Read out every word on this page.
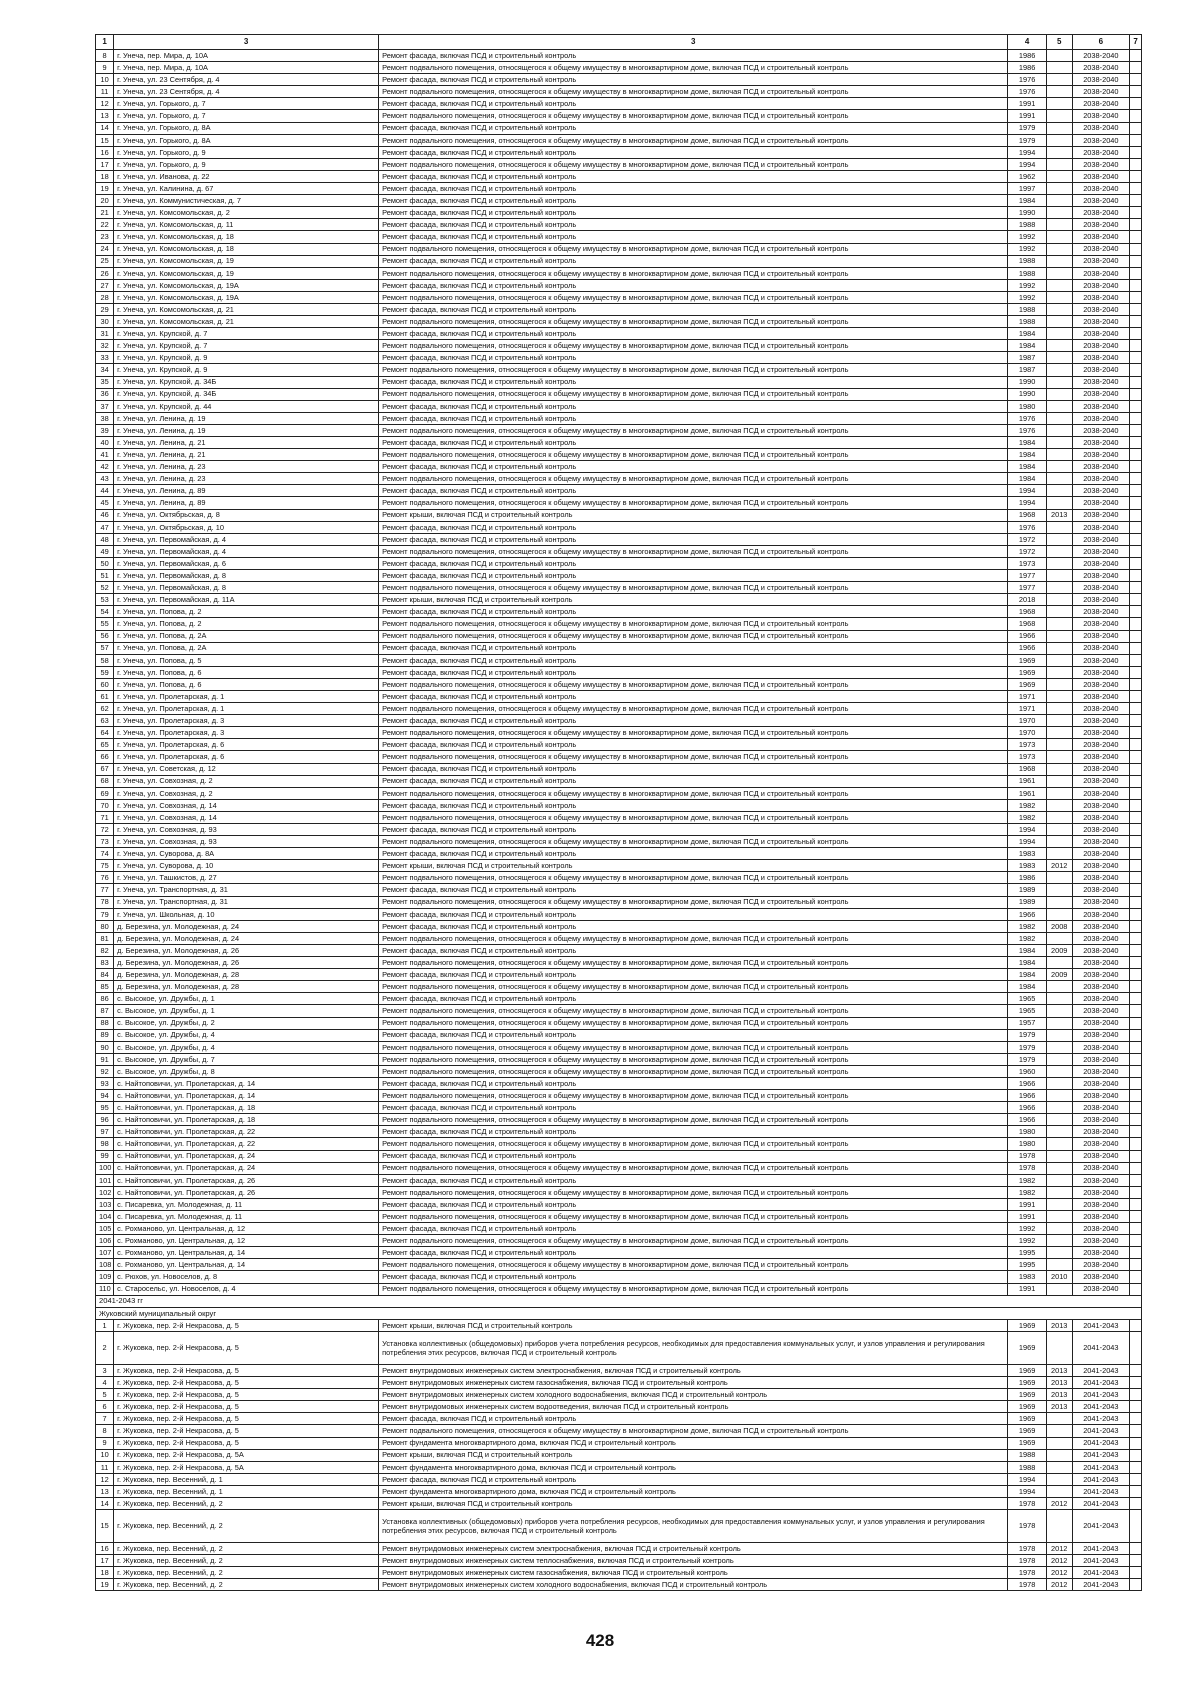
1	3	3	4	5	6	7
8	г. Унеча, пер. Мира, д. 10А	Ремонт фасада, включая ПСД и строительный контроль	1986		2038-2040	
9	г. Унеча, пер. Мира, д. 10А	Ремонт подвального помещения, относящегося к общему имуществу в многоквартирном доме, включая ПСД и строительный контроль	1986		2038-2040	
10	г. Унеча, ул. 23 Сентября, д. 4	Ремонт фасада, включая ПСД и строительный контроль	1976		2038-2040	
11	г. Унеча, ул. 23 Сентября, д. 4	Ремонт подвального помещения, относящегося к общему имуществу в многоквартирном доме, включая ПСД и строительный контроль	1976		2038-2040	
12	г. Унеча, ул. Горького, д. 7	Ремонт фасада, включая ПСД и строительный контроль	1991		2038-2040	
13	г. Унеча, ул. Горького, д. 7	Ремонт подвального помещения, относящегося к общему имуществу в многоквартирном доме, включая ПСД и строительный контроль	1991		2038-2040	
14	г. Унеча, ул. Горького, д. 8А	Ремонт фасада, включая ПСД и строительный контроль	1979		2038-2040	
15	г. Унеча, ул. Горького, д. 8А	Ремонт подвального помещения, относящегося к общему имуществу в многоквартирном доме, включая ПСД и строительный контроль	1979		2038-2040	
16	г. Унеча, ул. Горького, д. 9	Ремонт фасада, включая ПСД и строительный контроль	1994		2038-2040	
17	г. Унеча, ул. Горького, д. 9	Ремонт подвального помещения, относящегося к общему имуществу в многоквартирном доме, включая ПСД и строительный контроль	1994		2038-2040	
18	г. Унеча, ул. Иванова, д. 22	Ремонт фасада, включая ПСД и строительный контроль	1962		2038-2040	
19	г. Унеча, ул. Калинина, д. 67	Ремонт фасада, включая ПСД и строительный контроль	1997		2038-2040	
20	г. Унеча, ул. Коммунистическая, д. 7	Ремонт фасада, включая ПСД и строительный контроль	1984		2038-2040	
21	г. Унеча, ул. Комсомольская, д. 2	Ремонт фасада, включая ПСД и строительный контроль	1990		2038-2040	
22	г. Унеча, ул. Комсомольская, д. 11	Ремонт фасада, включая ПСД и строительный контроль	1988		2038-2040	
23	г. Унеча, ул. Комсомольская, д. 18	Ремонт фасада, включая ПСД и строительный контроль	1992		2038-2040	
24	г. Унеча, ул. Комсомольская, д. 18	Ремонт подвального помещения, относящегося к общему имуществу в многоквартирном доме, включая ПСД и строительный контроль	1992		2038-2040	
25	г. Унеча, ул. Комсомольская, д. 19	Ремонт фасада, включая ПСД и строительный контроль	1988		2038-2040	
26	г. Унеча, ул. Комсомольская, д. 19	Ремонт подвального помещения, относящегося к общему имуществу в многоквартирном доме, включая ПСД и строительный контроль	1988		2038-2040	
27	г. Унеча, ул. Комсомольская, д. 19А	Ремонт фасада, включая ПСД и строительный контроль	1992		2038-2040	
28	г. Унеча, ул. Комсомольская, д. 19А	Ремонт подвального помещения, относящегося к общему имуществу в многоквартирном доме, включая ПСД и строительный контроль	1992		2038-2040	
29	г. Унеча, ул. Комсомольская, д. 21	Ремонт фасада, включая ПСД и строительный контроль	1988		2038-2040	
30	г. Унеча, ул. Комсомольская, д. 21	Ремонт подвального помещения, относящегося к общему имуществу в многоквартирном доме, включая ПСД и строительный контроль	1988		2038-2040	
31	г. Унеча, ул. Крупской, д. 7	Ремонт фасада, включая ПСД и строительный контроль	1984		2038-2040	
32	г. Унеча, ул. Крупской, д. 7	Ремонт подвального помещения, относящегося к общему имуществу в многоквартирном доме, включая ПСД и строительный контроль	1984		2038-2040	
33	г. Унеча, ул. Крупской, д. 9	Ремонт фасада, включая ПСД и строительный контроль	1987		2038-2040	
34	г. Унеча, ул. Крупской, д. 9	Ремонт подвального помещения, относящегося к общему имуществу в многоквартирном доме, включая ПСД и строительный контроль	1987		2038-2040	
35	г. Унеча, ул. Крупской, д. 34Б	Ремонт фасада, включая ПСД и строительный контроль	1990		2038-2040	
36	г. Унеча, ул. Крупской, д. 34Б	Ремонт подвального помещения, относящегося к общему имуществу в многоквартирном доме, включая ПСД и строительный контроль	1990		2038-2040	
37	г. Унеча, ул. Крупской, д. 44	Ремонт фасада, включая ПСД и строительный контроль	1980		2038-2040	
38	г. Унеча, ул. Ленина, д. 19	Ремонт фасада, включая ПСД и строительный контроль	1976		2038-2040	
39	г. Унеча, ул. Ленина, д. 19	Ремонт подвального помещения, относящегося к общему имуществу в многоквартирном доме, включая ПСД и строительный контроль	1976		2038-2040	
40	г. Унеча, ул. Ленина, д. 21	Ремонт фасада, включая ПСД и строительный контроль	1984		2038-2040	
41	г. Унеча, ул. Ленина, д. 21	Ремонт подвального помещения, относящегося к общему имуществу в многоквартирном доме, включая ПСД и строительный контроль	1984		2038-2040	
42	г. Унеча, ул. Ленина, д. 23	Ремонт фасада, включая ПСД и строительный контроль	1984		2038-2040	
43	г. Унеча, ул. Ленина, д. 23	Ремонт подвального помещения, относящегося к общему имуществу в многоквартирном доме, включая ПСД и строительный контроль	1984		2038-2040	
44	г. Унеча, ул. Ленина, д. 89	Ремонт фасада, включая ПСД и строительный контроль	1994		2038-2040	
45	г. Унеча, ул. Ленина, д. 89	Ремонт подвального помещения, относящегося к общему имуществу в многоквартирном доме, включая ПСД и строительный контроль	1994		2038-2040	
46	г. Унеча, ул. Октябрьская, д. 8	Ремонт крыши, включая ПСД и строительный контроль	1968	2013	2038-2040	
47	г. Унеча, ул. Октябрьская, д. 10	Ремонт фасада, включая ПСД и строительный контроль	1976		2038-2040	
48	г. Унеча, ул. Первомайская, д. 4	Ремонт фасада, включая ПСД и строительный контроль	1972		2038-2040	
49	г. Унеча, ул. Первомайская, д. 4	Ремонт подвального помещения, относящегося к общему имуществу в многоквартирном доме, включая ПСД и строительный контроль	1972		2038-2040	
50	г. Унеча, ул. Первомайская, д. 6	Ремонт фасада, включая ПСД и строительный контроль	1973		2038-2040	
51	г. Унеча, ул. Первомайская, д. 8	Ремонт фасада, включая ПСД и строительный контроль	1977		2038-2040	
52	г. Унеча, ул. Первомайская, д. 8	Ремонт подвального помещения, относящегося к общему имуществу в многоквартирном доме, включая ПСД и строительный контроль	1977		2038-2040	
53	г. Унеча, ул. Первомайская, д. 11А	Ремонт крыши, включая ПСД и строительный контроль	2018		2038-2040	
54	г. Унеча, ул. Попова, д. 2	Ремонт фасада, включая ПСД и строительный контроль	1968		2038-2040	
55	г. Унеча, ул. Попова, д. 2	Ремонт подвального помещения, относящегося к общему имуществу в многоквартирном доме, включая ПСД и строительный контроль	1968		2038-2040	
56	г. Унеча, ул. Попова, д. 2А	Ремонт подвального помещения, относящегося к общему имуществу в многоквартирном доме, включая ПСД и строительный контроль	1966		2038-2040	
57	г. Унеча, ул. Попова, д. 2А	Ремонт фасада, включая ПСД и строительный контроль	1966		2038-2040	
58	г. Унеча, ул. Попова, д. 5	Ремонт фасада, включая ПСД и строительный контроль	1969		2038-2040	
59	г. Унеча, ул. Попова, д. 6	Ремонт фасада, включая ПСД и строительный контроль	1969		2038-2040	
60	г. Унеча, ул. Попова, д. 6	Ремонт подвального помещения, относящегося к общему имуществу в многоквартирном доме, включая ПСД и строительный контроль	1969		2038-2040	
61	г. Унеча, ул. Пролетарская, д. 1	Ремонт фасада, включая ПСД и строительный контроль	1971		2038-2040	
62	г. Унеча, ул. Пролетарская, д. 1	Ремонт подвального помещения, относящегося к общему имуществу в многоквартирном доме, включая ПСД и строительный контроль	1971		2038-2040	
63	г. Унеча, ул. Пролетарская, д. 3	Ремонт фасада, включая ПСД и строительный контроль	1970		2038-2040	
64	г. Унеча, ул. Пролетарская, д. 3	Ремонт подвального помещения, относящегося к общему имуществу в многоквартирном доме, включая ПСД и строительный контроль	1970		2038-2040	
65	г. Унеча, ул. Пролетарская, д. 6	Ремонт фасада, включая ПСД и строительный контроль	1973		2038-2040	
66	г. Унеча, ул. Пролетарская, д. 6	Ремонт подвального помещения, относящегося к общему имуществу в многоквартирном доме, включая ПСД и строительный контроль	1973		2038-2040	
67	г. Унеча, ул. Советская, д. 12	Ремонт фасада, включая ПСД и строительный контроль	1968		2038-2040	
68	г. Унеча, ул. Совхозная, д. 2	Ремонт фасада, включая ПСД и строительный контроль	1961		2038-2040	
69	г. Унеча, ул. Совхозная, д. 2	Ремонт подвального помещения, относящегося к общему имуществу в многоквартирном доме, включая ПСД и строительный контроль	1961		2038-2040	
70	г. Унеча, ул. Совхозная, д. 14	Ремонт фасада, включая ПСД и строительный контроль	1982		2038-2040	
71	г. Унеча, ул. Совхозная, д. 14	Ремонт подвального помещения, относящегося к общему имуществу в многоквартирном доме, включая ПСД и строительный контроль	1982		2038-2040	
72	г. Унеча, ул. Совхозная, д. 93	Ремонт фасада, включая ПСД и строительный контроль	1994		2038-2040	
73	г. Унеча, ул. Совхозная, д. 93	Ремонт подвального помещения, относящегося к общему имуществу в многоквартирном доме, включая ПСД и строительный контроль	1994		2038-2040	
74	г. Унеча, ул. Суворова, д. 8А	Ремонт фасада, включая ПСД и строительный контроль	1983		2038-2040	
75	г. Унеча, ул. Суворова, д. 10	Ремонт крыши, включая ПСД и строительный контроль	1983	2012	2038-2040	
76	г. Унеча, ул. Ташкистов, д. 27	Ремонт подвального помещения, относящегося к общему имуществу в многоквартирном доме, включая ПСД и строительный контроль	1986		2038-2040	
77	г. Унеча, ул. Транспортная, д. 31	Ремонт фасада, включая ПСД и строительный контроль	1989		2038-2040	
78	г. Унеча, ул. Транспортная, д. 31	Ремонт подвального помещения, относящегося к общему имуществу в многоквартирном доме, включая ПСД и строительный контроль	1989		2038-2040	
79	г. Унеча, ул. Школьная, д. 10	Ремонт фасада, включая ПСД и строительный контроль	1966		2038-2040	
80	д. Березина, ул. Молодежная, д. 24	Ремонт фасада, включая ПСД и строительный контроль	1982	2008	2038-2040	
81	д. Березина, ул. Молодежная, д. 24	Ремонт подвального помещения, относящегося к общему имуществу в многоквартирном доме, включая ПСД и строительный контроль	1982		2038-2040	
82	д. Березина, ул. Молодежная, д. 26	Ремонт фасада, включая ПСД и строительный контроль	1984	2009	2038-2040	
83	д. Березина, ул. Молодежная, д. 26	Ремонт подвального помещения, относящегося к общему имуществу в многоквартирном доме, включая ПСД и строительный контроль	1984		2038-2040	
84	д. Березина, ул. Молодежная, д. 28	Ремонт фасада, включая ПСД и строительный контроль	1984	2009	2038-2040	
85	д. Березина, ул. Молодежная, д. 28	Ремонт подвального помещения, относящегося к общему имуществу в многоквартирном доме, включая ПСД и строительный контроль	1984		2038-2040	
86	с. Высокое, ул. Дружбы, д. 1	Ремонт фасада, включая ПСД и строительный контроль	1965		2038-2040	
87	с. Высокое, ул. Дружбы, д. 1	Ремонт подвального помещения, относящегося к общему имуществу в многоквартирном доме, включая ПСД и строительный контроль	1965		2038-2040	
88	с. Высокое, ул. Дружбы, д. 2	Ремонт подвального помещения, относящегося к общему имуществу в многоквартирном доме, включая ПСД и строительный контроль	1957		2038-2040	
89	с. Высокое, ул. Дружбы, д. 4	Ремонт фасада, включая ПСД и строительный контроль	1979		2038-2040	
90	с. Высокое, ул. Дружбы, д. 4	Ремонт подвального помещения, относящегося к общему имуществу в многоквартирном доме, включая ПСД и строительный контроль	1979		2038-2040	
91	с. Высокое, ул. Дружбы, д. 7	Ремонт подвального помещения, относящегося к общему имуществу в многоквартирном доме, включая ПСД и строительный контроль	1979		2038-2040	
92	с. Высокое, ул. Дружбы, д. 8	Ремонт подвального помещения, относящегося к общему имуществу в многоквартирном доме, включая ПСД и строительный контроль	1960		2038-2040	
93	с. Найтоповичи, ул. Пролетарская, д. 14	Ремонт фасада, включая ПСД и строительный контроль	1966		2038-2040	
94	с. Найтоповичи, ул. Пролетарская, д. 14	Ремонт подвального помещения, относящегося к общему имуществу в многоквартирном доме, включая ПСД и строительный контроль	1966		2038-2040	
95	с. Найтоповичи, ул. Пролетарская, д. 18	Ремонт фасада, включая ПСД и строительный контроль	1966		2038-2040	
96	с. Найтоповичи, ул. Пролетарская, д. 18	Ремонт подвального помещения, относящегося к общему имуществу в многоквартирном доме, включая ПСД и строительный контроль	1966		2038-2040	
97	с. Найтоповичи, ул. Пролетарская, д. 22	Ремонт фасада, включая ПСД и строительный контроль	1980		2038-2040	
98	с. Найтоповичи, ул. Пролетарская, д. 22	Ремонт подвального помещения, относящегося к общему имуществу в многоквартирном доме, включая ПСД и строительный контроль	1980		2038-2040	
99	с. Найтоповичи, ул. Пролетарская, д. 24	Ремонт фасада, включая ПСД и строительный контроль	1978		2038-2040	
100	с. Найтоповичи, ул. Пролетарская, д. 24	Ремонт подвального помещения, относящегося к общему имуществу в многоквартирном доме, включая ПСД и строительный контроль	1978		2038-2040	
101	с. Найтоповичи, ул. Пролетарская, д. 26	Ремонт фасада, включая ПСД и строительный контроль	1982		2038-2040	
102	с. Найтоповичи, ул. Пролетарская, д. 26	Ремонт подвального помещения, относящегося к общему имуществу в многоквартирном доме, включая ПСД и строительный контроль	1982		2038-2040	
103	с. Писаревка, ул. Молодежная, д. 11	Ремонт фасада, включая ПСД и строительный контроль	1991		2038-2040	
104	с. Писаревка, ул. Молодежная, д. 11	Ремонт подвального помещения, относящегося к общему имуществу в многоквартирном доме, включая ПСД и строительный контроль	1991		2038-2040	
105	с. Рохманово, ул. Центральная, д. 12	Ремонт фасада, включая ПСД и строительный контроль	1992		2038-2040	
106	с. Рохманово, ул. Центральная, д. 12	Ремонт подвального помещения, относящегося к общему имуществу в многоквартирном доме, включая ПСД и строительный контроль	1992		2038-2040	
107	с. Рохманово, ул. Центральная, д. 14	Ремонт фасада, включая ПСД и строительный контроль	1995		2038-2040	
108	с. Рохманово, ул. Центральная, д. 14	Ремонт подвального помещения, относящегося к общему имуществу в многоквартирном доме, включая ПСД и строительный контроль	1995		2038-2040	
109	с. Рюхов, ул. Новоселов, д. 8	Ремонт фасада, включая ПСД и строительный контроль	1983	2010	2038-2040	
110	с. Старосельс, ул. Новоселов, д. 4	Ремонт подвального помещения, относящегося к общему имуществу в многоквартирном доме, включая ПСД и строительный контроль	1991		2038-2040	
2041-2043 гг						
Жуковский муниципальный округ						
1	г. Жуковка, пер. 2-й Некрасова, д. 5	Ремонт крыши, включая ПСД и строительный контроль	1969	2013	2041-2043	
2	г. Жуковка, пер. 2-й Некрасова, д. 5	Установка коллективных (общедомовых) приборов учета потребления ресурсов, необходимых для предоставления коммунальных услуг, и узлов управления и регулирования потребления этих ресурсов, включая ПСД и строительный контроль	1969		2041-2043	
3	г. Жуковка, пер. 2-й Некрасова, д. 5	Ремонт внутридомовых инженерных систем электроснабжения, включая ПСД и строительный контроль	1969	2013	2041-2043	
4	г. Жуковка, пер. 2-й Некрасова, д. 5	Ремонт внутридомовых инженерных систем газоснабжения, включая ПСД и строительный контроль	1969	2013	2041-2043	
5	г. Жуковка, пер. 2-й Некрасова, д. 5	Ремонт внутридомовых инженерных систем холодного водоснабжения, включая ПСД и строительный контроль	1969	2013	2041-2043	
6	г. Жуковка, пер. 2-й Некрасова, д. 5	Ремонт внутридомовых инженерных систем водоотведения, включая ПСД и строительный контроль	1969	2013	2041-2043	
7	г. Жуковка, пер. 2-й Некрасова, д. 5	Ремонт фасада, включая ПСД и строительный контроль	1969		2041-2043	
8	г. Жуковка, пер. 2-й Некрасова, д. 5	Ремонт подвального помещения, относящегося к общему имуществу в многоквартирном доме, включая ПСД и строительный контроль	1969		2041-2043	
9	г. Жуковка, пер. 2-й Некрасова, д. 5	Ремонт фундамента многоквартирного дома, включая ПСД и строительный контроль	1969		2041-2043	
10	г. Жуковка, пер. 2-й Некрасова, д. 5А	Ремонт крыши, включая ПСД и строительный контроль	1988		2041-2043	
11	г. Жуковка, пер. 2-й Некрасова, д. 5А	Ремонт фундамента многоквартирного дома, включая ПСД и строительный контроль	1988		2041-2043	
12	г. Жуковка, пер. Весенний, д. 1	Ремонт фасада, включая ПСД и строительный контроль	1994		2041-2043	
13	г. Жуковка, пер. Весенний, д. 1	Ремонт фундамента многоквартирного дома, включая ПСД и строительный контроль	1994		2041-2043	
14	г. Жуковка, пер. Весенний, д. 2	Ремонт крыши, включая ПСД и строительный контроль	1978	2012	2041-2043	
15	г. Жуковка, пер. Весенний, д. 2	Установка коллективных (общедомовых) приборов учета потребления ресурсов, необходимых для предоставления коммунальных услуг, и узлов управления и регулирования потребления этих ресурсов, включая ПСД и строительный контроль	1978		2041-2043	
16	г. Жуковка, пер. Весенний, д. 2	Ремонт внутридомовых инженерных систем электроснабжения, включая ПСД и строительный контроль	1978	2012	2041-2043	
17	г. Жуковка, пер. Весенний, д. 2	Ремонт внутридомовых инженерных систем теплоснабжения, включая ПСД и строительный контроль	1978	2012	2041-2043	
18	г. Жуковка, пер. Весенний, д. 2	Ремонт внутридомовых инженерных систем газоснабжения, включая ПСД и строительный контроль	1978	2012	2041-2043	
19	г. Жуковка, пер. Весенний, д. 2	Ремонт внутридомовых инженерных систем холодного водоснабжения, включая ПСД и строительный контроль	1978	2012	2041-2043	
428
